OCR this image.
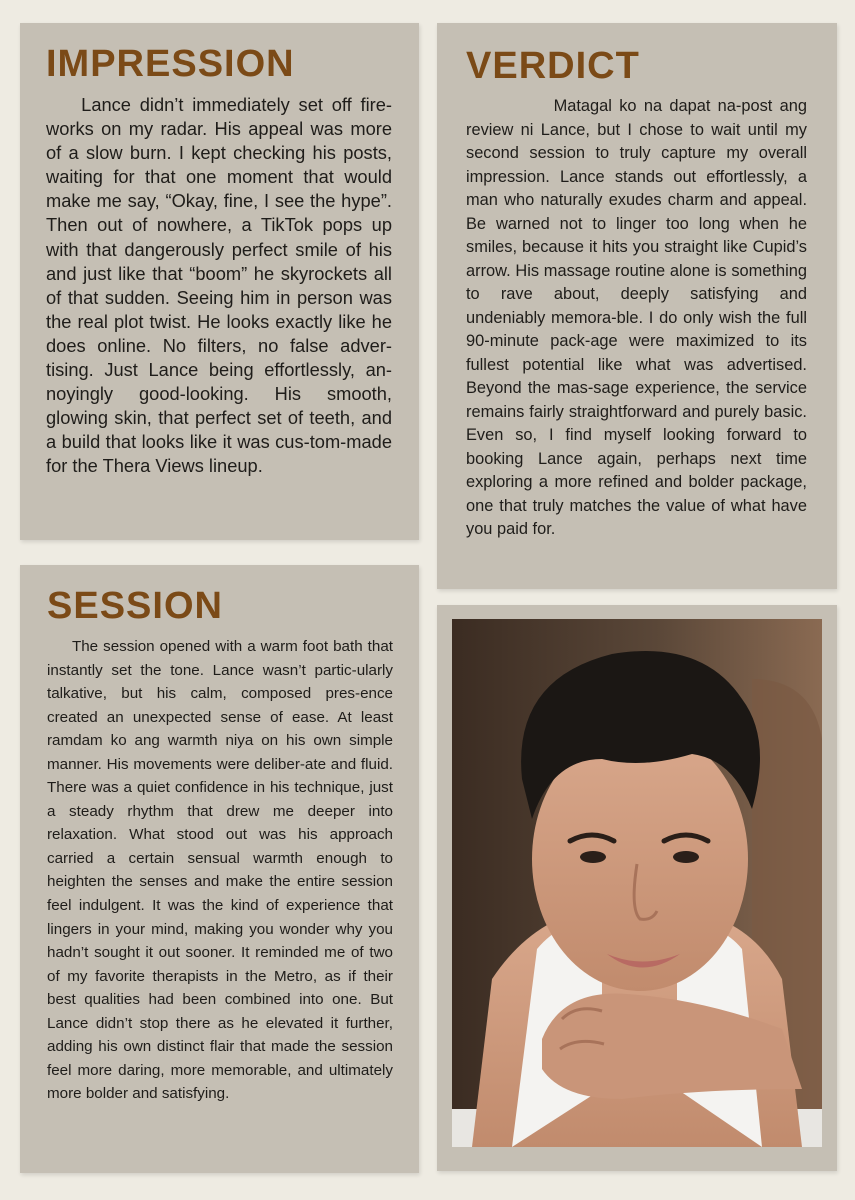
IMPRESSION

Lance didn’t immediately set off fire-works on my radar. His appeal was more of a slow burn. I kept checking his posts, waiting for that one moment that would make me say, “Okay, fine, I see the hype”. Then out of nowhere, a TikTok pops up with that dangerously perfect smile of his and just like that “boom” he skyrockets all of that sudden. Seeing him in person was the real plot twist. He looks exactly like he does online. No filters, no false adver-tising. Just Lance being effortlessly, an-noyingly good-looking. His smooth, glowing skin, that perfect set of teeth, and a build that looks like it was cus-tom-made for the Thera Views lineup.

VERDICT

Matagal ko na dapat na-post ang review ni Lance, but I chose to wait until my second session to truly capture my overall impression. Lance stands out effortlessly, a man who naturally exudes charm and appeal. Be warned not to linger too long when he smiles, because it hits you straight like Cupid’s arrow. His massage routine alone is something to rave about, deeply satisfying and undeniably memora-ble. I do only wish the full 90-minute pack-age were maximized to its fullest potential like what was advertised. Beyond the mas-sage experience, the service remains fairly straightforward and purely basic. Even so, I find myself looking forward to booking Lance again, perhaps next time exploring a more refined and bolder package, one that truly matches the value of what have you paid for.

SESSION

The session opened with a warm foot bath that instantly set the tone. Lance wasn’t partic-ularly talkative, but his calm, composed pres-ence created an unexpected sense of ease. At least ramdam ko ang warmth niya on his own simple manner. His movements were deliber-ate and fluid. There was a quiet confidence in his technique, just a steady rhythm that drew me deeper into relaxation. What stood out was his approach carried a certain sensual warmth enough to heighten the senses and make the entire session feel indulgent. It was the kind of experience that lingers in your mind, making you wonder why you hadn’t sought it out sooner. It reminded me of two of my favorite therapists in the Metro, as if their best qualities had been combined into one. But Lance didn’t stop there as he elevated it further, adding his own distinct flair that made the session feel more daring, more memorable, and ultimately more bolder and satisfying.
